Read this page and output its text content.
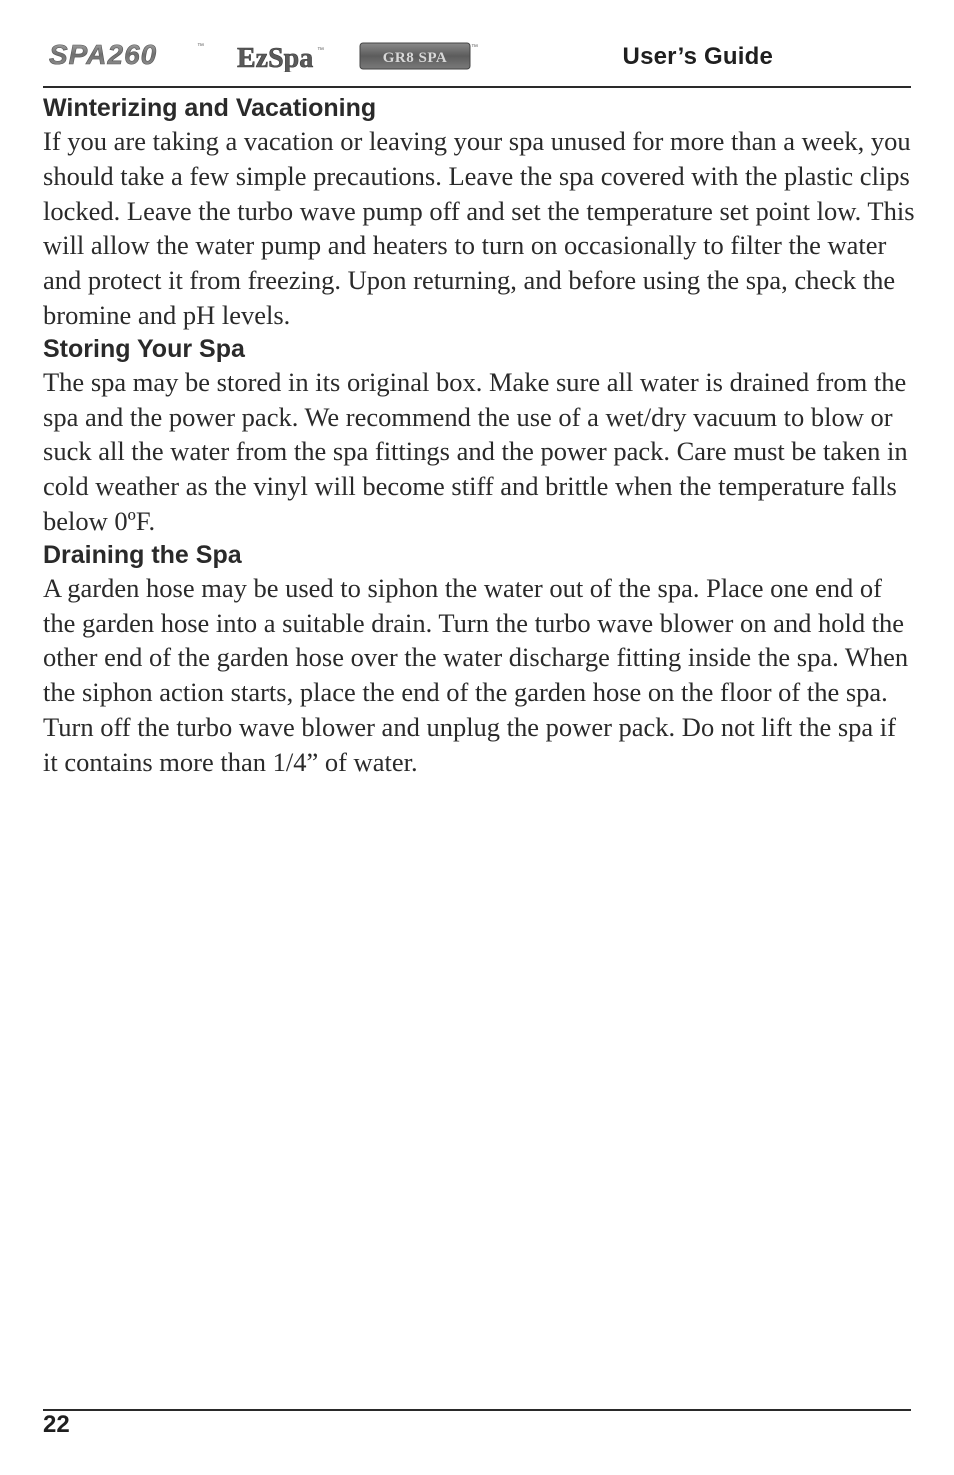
SPA260	™ EzSpa ™	GR8 SPA
™	User’s Guide
Winterizing and Vacationing

If you are taking a vacation or leaving your spa unused for more than a week, you should take a few simple precautions. Leave the spa covered with the plastic clips locked. Leave the turbo wave pump off and set the temperature set point low. This will allow the water pump and heaters to turn on occasionally to filter the water and protect it from freezing. Upon returning, and before using the spa, check the bromine and pH levels.

Storing Your Spa

The spa may be stored in its original box. Make sure all water is drained from the spa and the power pack. We recommend the use of a wet/dry vacuum to blow or suck all the water from the spa fittings and the power pack. Care must be taken in cold weather as the vinyl will become stiff and brittle when the temperature falls below 0ºF.

Draining the Spa

A garden hose may be used to siphon the water out of the spa. Place one end of the garden hose into a suitable drain. Turn the turbo wave blower on and hold the other end of the garden hose over the water discharge fitting inside the spa. When the siphon action starts, place the end of the garden hose on the floor of the spa. Turn off the turbo wave blower and unplug the power pack. Do not lift the spa if it contains more than 1/4” of water.

22
